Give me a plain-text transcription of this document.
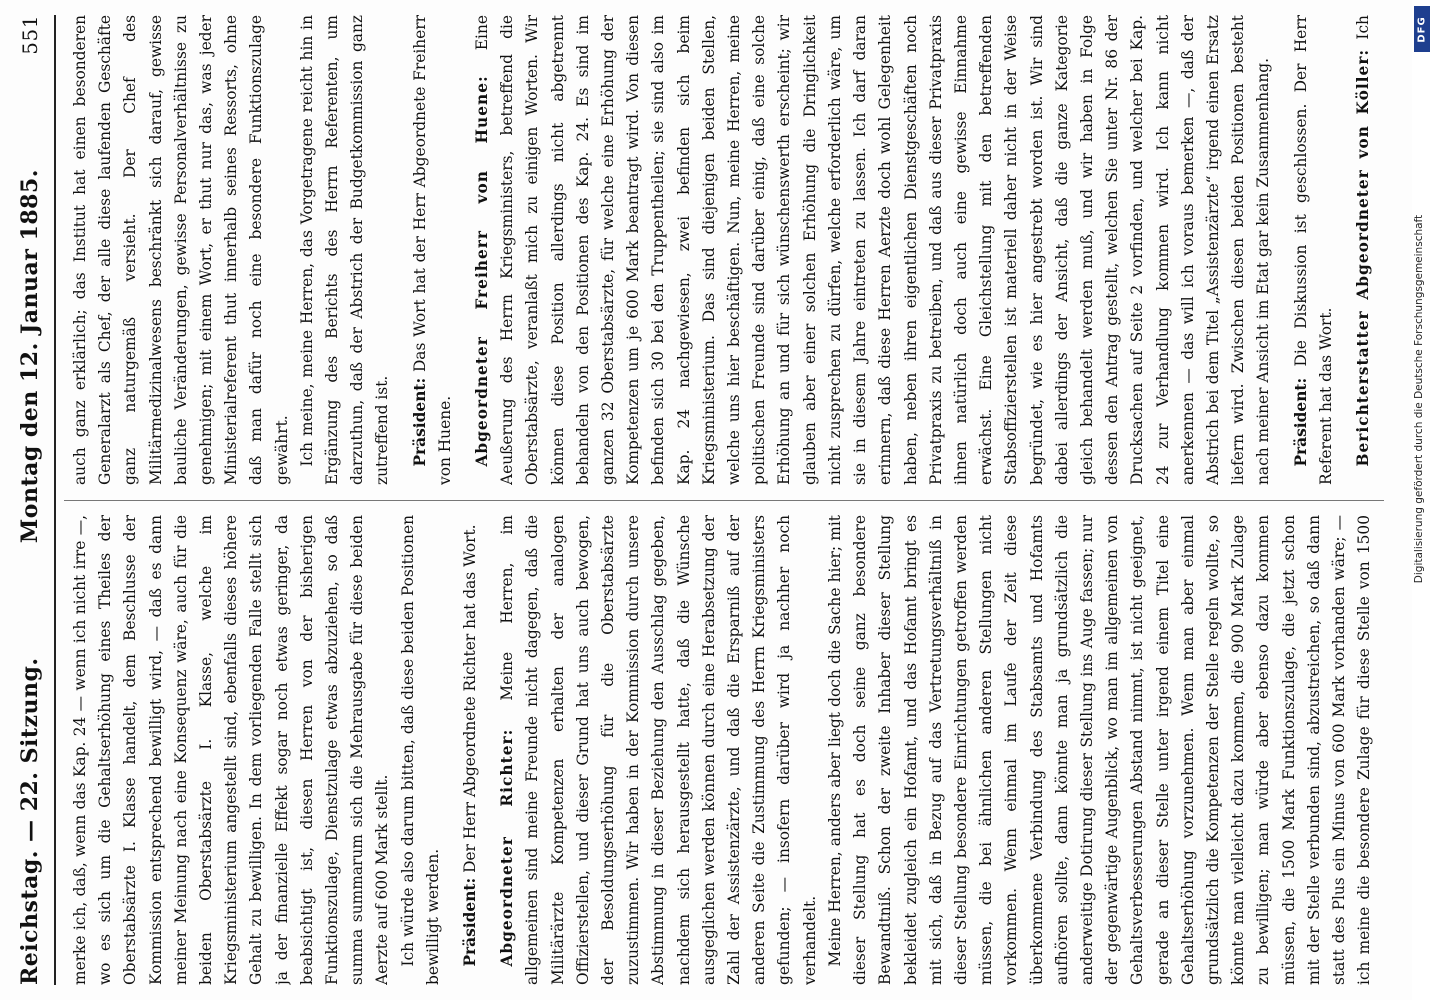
Reichstag. — 22. Sitzung.
Montag den 12. Januar 1885.
551

merke ich, daß, wenn das Kap. 24 — wenn ich nicht irre —, wo es sich um die Gehaltserhöhung eines Theiles der Oberstabsärzte I. Klasse handelt, dem Beschlusse der Kommission entsprechend bewilligt wird, — daß es dann meiner Meinung nach eine Konsequenz wäre, auch für die beiden Oberstabsärzte I. Klasse, welche im Kriegsministerium angestellt sind, ebenfalls dieses höhere Gehalt zu bewilligen. In dem vorliegenden Falle stellt sich ja der finanzielle Effekt sogar noch etwas geringer, da beabsichtigt ist, diesen Herren von der bisherigen Funktionszulage, Dienstzulage etwas abzuziehen, so daß summa summarum sich die Mehrausgabe für diese beiden Aerzte auf 600 Mark stellt. Ich würde also darum bitten, daß diese beiden Positionen bewilligt werden. Präsident: Der Herr Abgeordnete Richter hat das Wort. Abgeordneter Richter: Meine Herren, im allgemeinen sind meine Freunde nicht dagegen, daß die Militärärzte Kompetenzen erhalten der analogen Offizierstellen, und dieser Grund hat uns auch bewogen, der Besoldungserhöhung für die Oberstabsärzte zuzustimmen. Wir haben in der Kommission durch unsere Abstimmung in dieser Beziehung den Ausschlag gegeben, nachdem sich herausgestellt hatte, daß die Wünsche ausgeglichen werden können durch eine Herabsetzung der Zahl der Assistenzärzte, und daß die Ersparniß auf der anderen Seite die Zustimmung des Herrn Kriegsministers gefunden; — insofern darüber wird ja nachher noch verhandelt. Meine Herren, anders aber liegt doch die Sache hier; mit dieser Stellung hat es doch seine ganz besondere Bewandtniß. Schon der zweite Inhaber dieser Stellung bekleidet zugleich ein Hofamt, und das Hofamt bringt es mit sich, daß in Bezug auf das Vertretungsverhältniß in dieser Stellung besondere Einrichtungen getroffen werden müssen, die bei ähnlichen anderen Stellungen nicht vorkommen. Wenn einmal im Laufe der Zeit diese überkommene Verbindung des Stabsamts und Hofamts aufhören sollte, dann könnte man ja grundsätzlich die anderweitige Dotirung dieser Stellung ins Auge fassen; nur der gegenwärtige Augenblick, wo man im allgemeinen von Gehaltsverbesserungen Abstand nimmt, ist nicht geeignet, gerade an dieser Stelle unter irgend einem Titel eine Gehaltserhöhung vorzunehmen. Wenn man aber einmal grundsätzlich die Kompetenzen der Stelle regeln wollte, so könnte man vielleicht dazu kommen, die 900 Mark Zulage zu bewilligen; man würde aber ebenso dazu kommen müssen, die 1500 Mark Funktionszulage, die jetzt schon mit der Stelle verbunden sind, abzustreichen, so daß dann statt des Plus ein Minus von 600 Mark vorhanden wäre; — ich meine die besondere Zulage für diese Stelle von 1500

auch ganz erklärlich; das Institut hat einen besonderen Generalarzt als Chef, der alle diese laufenden Geschäfte ganz naturgemäß versieht. Der Chef des Militärmedizinalwesens beschränkt sich darauf, gewisse bauliche Veränderungen, gewisse Personalverhältnisse zu genehmigen; mit einem Wort, er thut nur das, was jeder Ministerialreferent thut innerhalb seines Ressorts, ohne daß man dafür noch eine besondere Funktionszulage gewährt. Ich meine, meine Herren, das Vorgetragene reicht hin in Ergänzung des Berichts des Herrn Referenten, um darzuthun, daß der Abstrich der Budgetkommission ganz zutreffend ist. Präsident: Das Wort hat der Herr Abgeordnete Freiherr von Huene. Abgeordneter Freiherr von Huene: Eine Aeußerung des Herrn Kriegsministers, betreffend die Oberstabsärzte, veranlaßt mich zu einigen Worten. Wir können diese Position allerdings nicht abgetrennt behandeln von den Positionen des Kap. 24. Es sind im ganzen 32 Oberstabsärzte, für welche eine Erhöhung der Kompetenzen um je 600 Mark beantragt wird. Von diesen befinden sich 30 bei den Truppentheilen; sie sind also im Kap. 24 nachgewiesen, zwei befinden sich beim Kriegsministerium. Das sind diejenigen beiden Stellen, welche uns hier beschäftigen. Nun, meine Herren, meine politischen Freunde sind darüber einig, daß eine solche Erhöhung an und für sich wünschenswerth erscheint; wir glauben aber einer solchen Erhöhung die Dringlichkeit nicht zusprechen zu dürfen, welche erforderlich wäre, um sie in diesem Jahre eintreten zu lassen. Ich darf daran erinnern, daß diese Herren Aerzte doch wohl Gelegenheit haben, neben ihren eigentlichen Dienstgeschäften noch Privatpraxis zu betreiben, und daß aus dieser Privatpraxis ihnen natürlich doch auch eine gewisse Einnahme erwächst. Eine Gleichstellung mit den betreffenden Stabsoffizierstellen ist materiell daher nicht in der Weise begründet, wie es hier angestrebt worden ist. Wir sind dabei allerdings der Ansicht, daß die ganze Kategorie gleich behandelt werden muß, und wir haben in Folge dessen den Antrag gestellt, welchen Sie unter Nr. 86 der Drucksachen auf Seite 2 vorfinden, und welcher bei Kap. 24 zur Verhandlung kommen wird. Ich kann nicht anerkennen — das will ich voraus bemerken —, daß der Abstrich bei dem Titel „Assistenzärzte“ irgend einen Ersatz liefern wird. Zwischen diesen beiden Positionen besteht nach meiner Ansicht im Etat gar kein Zusammenhang. Präsident: Die Diskussion ist geschlossen. Der Herr Referent hat das Wort. Berichterstatter Abgeordneter von Köller: Ich	DFG
Digitalisierung gefördert durch die Deutsche Forschungsgemeinschaft
